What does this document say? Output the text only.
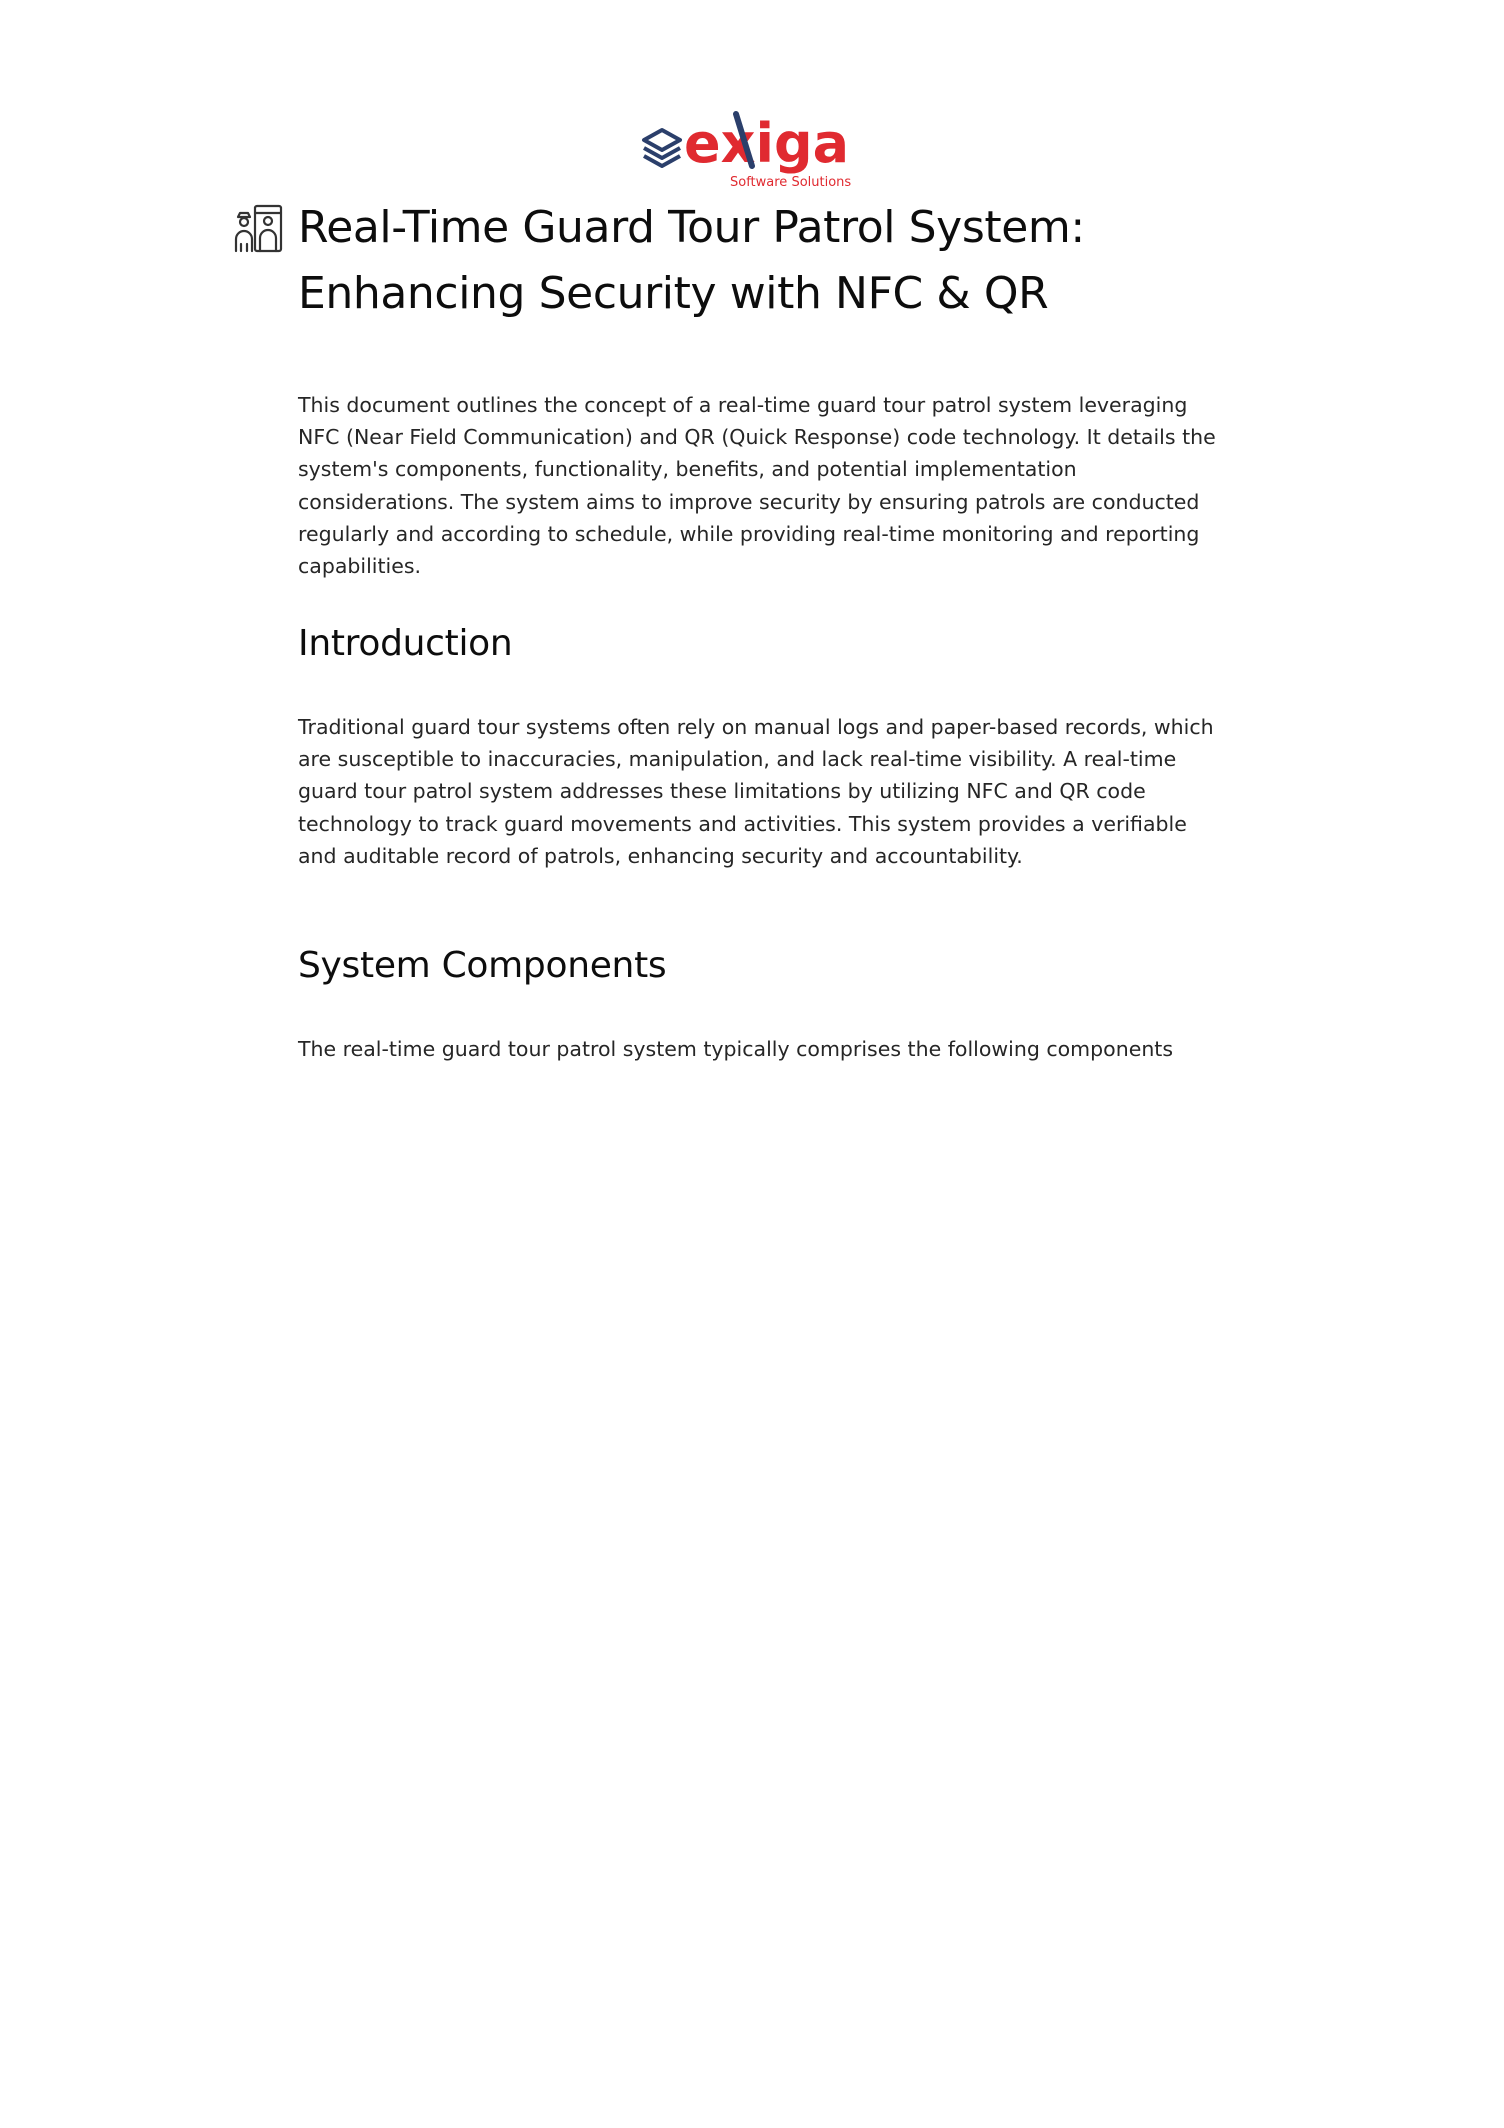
exiga
Software Solutions
Real-Time Guard Tour Patrol System:
Enhancing Security with NFC & QR

This document outlines the concept of a real-time guard tour patrol system leveraging NFC (Near Field Communication) and QR (Quick Response) code technology. It details the system's components, functionality, benefits, and potential implementation considerations. The system aims to improve security by ensuring patrols are conducted regularly and according to schedule, while providing real-time monitoring and reporting capabilities.

Introduction

Traditional guard tour systems often rely on manual logs and paper-based records, which are susceptible to inaccuracies, manipulation, and lack real-time visibility. A real-time guard tour patrol system addresses these limitations by utilizing NFC and QR code technology to track guard movements and activities. This system provides a verifiable and auditable record of patrols, enhancing security and accountability.

System Components

The real-time guard tour patrol system typically comprises the following components
